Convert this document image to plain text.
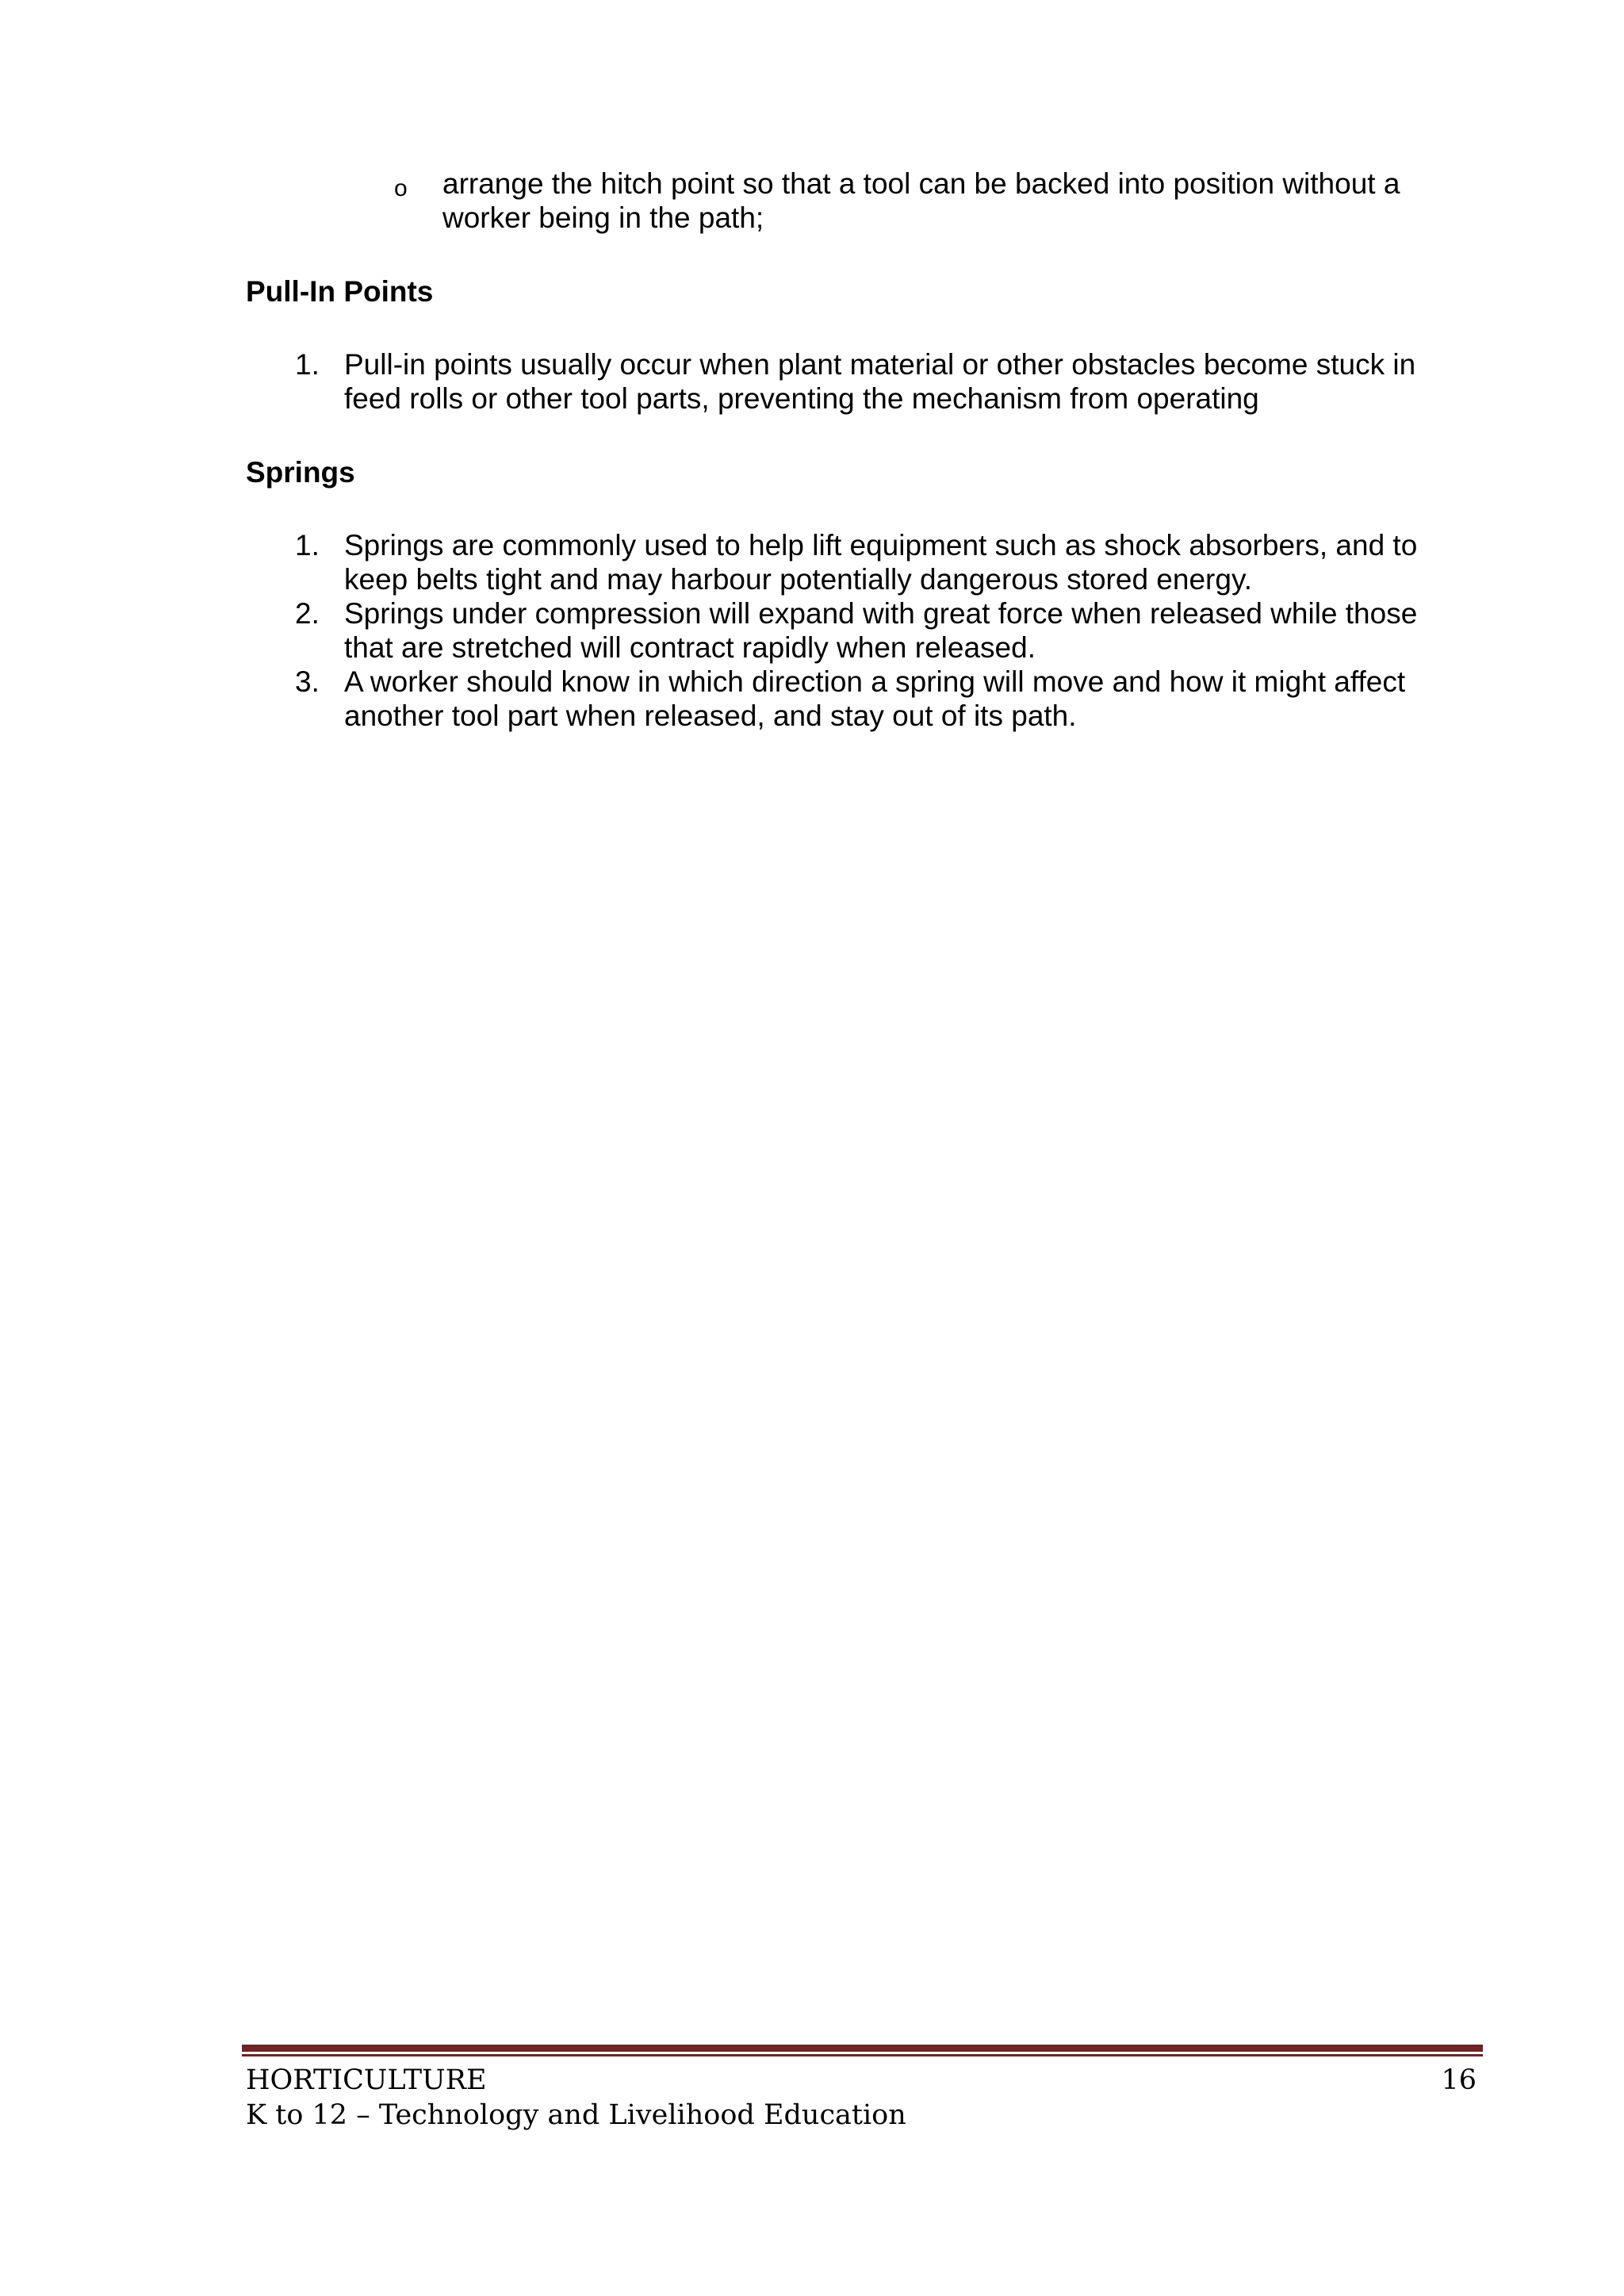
o arrange the hitch point so that a tool can be backed into position without a worker being in the path;
Pull-In Points
1. Pull-in points usually occur when plant material or other obstacles become stuck in feed rolls or other tool parts, preventing the mechanism from operating
Springs
1. Springs are commonly used to help lift equipment such as shock absorbers, and to keep belts tight and may harbour potentially dangerous stored energy.
2. Springs under compression will expand with great force when released while those that are stretched will contract rapidly when released.
3. A worker should know in which direction a spring will move and how it might affect another tool part when released, and stay out of its path.
HORTICULTURE
K to 12 – Technology and Livelihood Education
16
